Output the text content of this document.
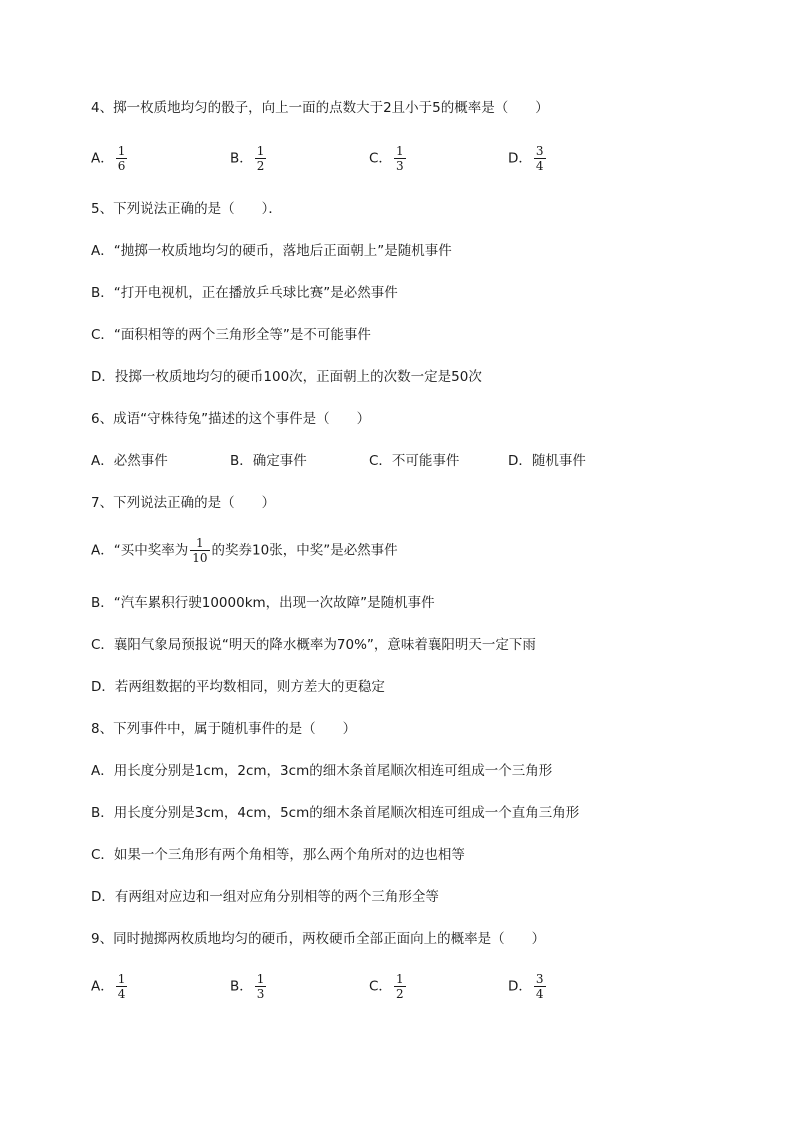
4、掷一枚质地均匀的骰子，向上一面的点数大于2且小于5的概率是（　　）
A． $\frac{1}{6}$	B． $\frac{1}{2}$	C． $\frac{1}{3}$	D． $\frac{3}{4}$
5、下列说法正确的是（　　）．
A．“抛掷一枚质地均匀的硬币，落地后正面朝上”是随机事件
B．“打开电视机，正在播放乒乓球比赛”是必然事件
C．“面积相等的两个三角形全等”是不可能事件
D．投掷一枚质地均匀的硬币100次，正面朝上的次数一定是50次
6、成语“守株待兔”描述的这个事件是（　　）
A．必然事件	B．确定事件	C．不可能事件	D．随机事件
7、下列说法正确的是（　　）
A．“买中奖率为 $\frac{1}{10}$ 的奖券10张，中奖”是必然事件
B．“汽车累积行驶10000km，出现一次故障”是随机事件
C．襄阳气象局预报说“明天的降水概率为70%”，意味着襄阳明天一定下雨
D．若两组数据的平均数相同，则方差大的更稳定
8、下列事件中，属于随机事件的是（　　）
A．用长度分别是1cm，2cm，3cm的细木条首尾顺次相连可组成一个三角形
B．用长度分别是3cm，4cm，5cm的细木条首尾顺次相连可组成一个直角三角形
C．如果一个三角形有两个角相等，那么两个角所对的边也相等
D．有两组对应边和一组对应角分别相等的两个三角形全等
9、同时抛掷两枚质地均匀的硬币，两枚硬币全部正面向上的概率是（　　）
A． $\frac{1}{4}$	B． $\frac{1}{3}$	C． $\frac{1}{2}$	D． $\frac{3}{4}$
